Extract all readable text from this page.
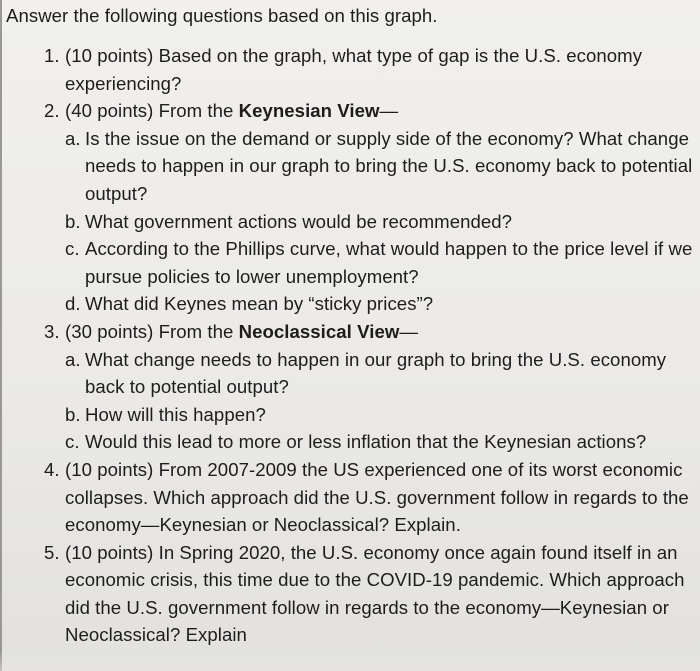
Answer the following questions based on this graph.

1. (10 points) Based on the graph, what type of gap is the U.S. economy experiencing?
2. (40 points) From the Keynesian View—
a. Is the issue on the demand or supply side of the economy? What change needs to happen in our graph to bring the U.S. economy back to potential output?
b. What government actions would be recommended?
c. According to the Phillips curve, what would happen to the price level if we pursue policies to lower unemployment?
d. What did Keynes mean by “sticky prices”?
3. (30 points) From the Neoclassical View—
a. What change needs to happen in our graph to bring the U.S. economy back to potential output?
b. How will this happen?
c. Would this lead to more or less inflation that the Keynesian actions?
4. (10 points) From 2007-2009 the US experienced one of its worst economic collapses. Which approach did the U.S. government follow in regards to the economy—Keynesian or Neoclassical? Explain.
5. (10 points) In Spring 2020, the U.S. economy once again found itself in an economic crisis, this time due to the COVID-19 pandemic. Which approach did the U.S. government follow in regards to the economy—Keynesian or Neoclassical? Explain
